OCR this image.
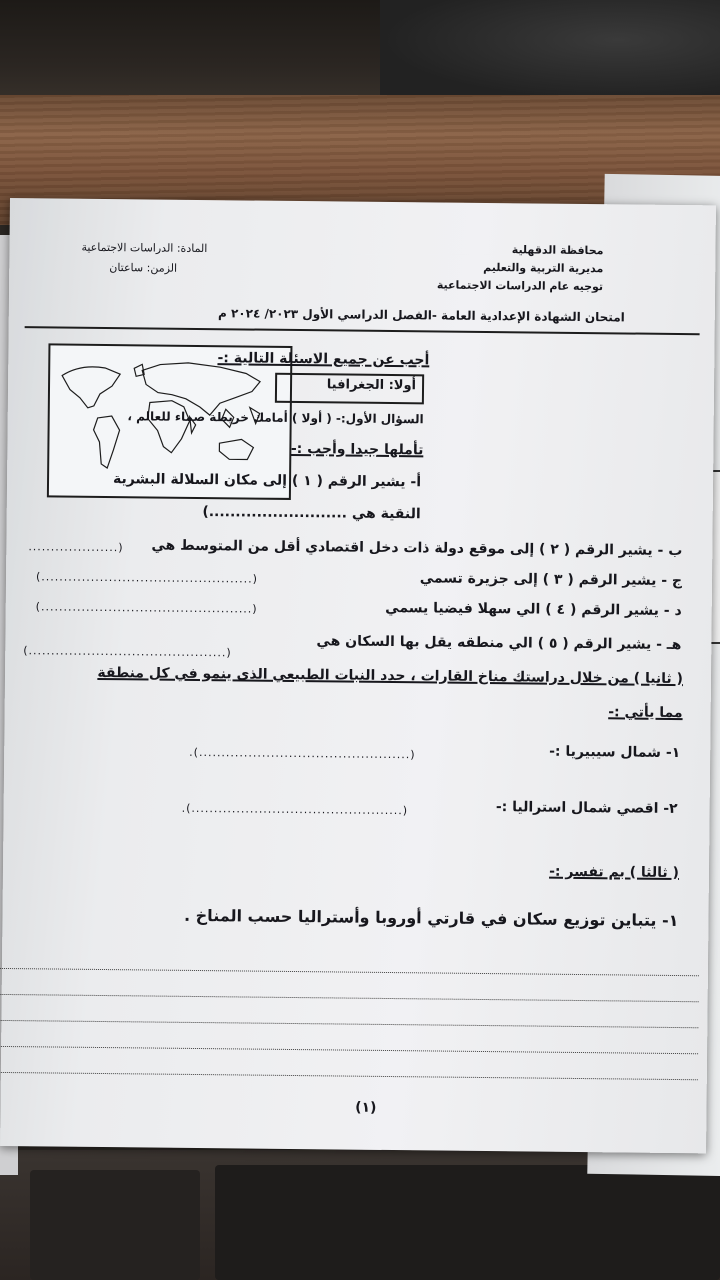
محافظة الدقهلية
مديرية التربية والتعليم
توجيه عام الدراسات الاجتماعية
المادة: الدراسات الاجتماعية
الزمن: ساعتان
امتحان الشهادة الإعدادية العامة -الفصل الدراسي الأول ٢٠٢٣/ ٢٠٢٤ م
أجب عن جميع الاسئلة التالية :-
أولا: الجغرافيا
السؤال الأول:- ( أولا ) أمامك خريطة صماء للعالم ،
تأملها جيدا وأجب :-
أ- يشير الرقم ( ١ ) إلى مكان السلالة البشرية
النقية هي ..........................)
ب - يشير الرقم ( ٢ ) إلى موقع دولة ذات دخل اقتصادي أقل من المتوسط هي
(....................
ج - يشير الرقم ( ٣ ) إلى جزيرة تسمي
(...............................................)
د - يشير الرقم ( ٤ ) الي سهلا فيضيا يسمي
(...............................................)
هـ - يشير الرقم ( ٥ ) الي منطقه يقل بها السكان هي
(............................................)
( ثانيا ) من خلال دراستك مناخ القارات ، حدد النبات الطبيعي الذى ينمو في كل منطقة
مما يأتي :-
١- شمال سيبيريا :-
(...............................................).
٢- اقصي شمال استراليا :-
(...............................................).
( ثالثا ) بم تفسر :-
١- يتباين توزيع سكان في قارتي أوروبا وأستراليا حسب المناخ .
(١)
